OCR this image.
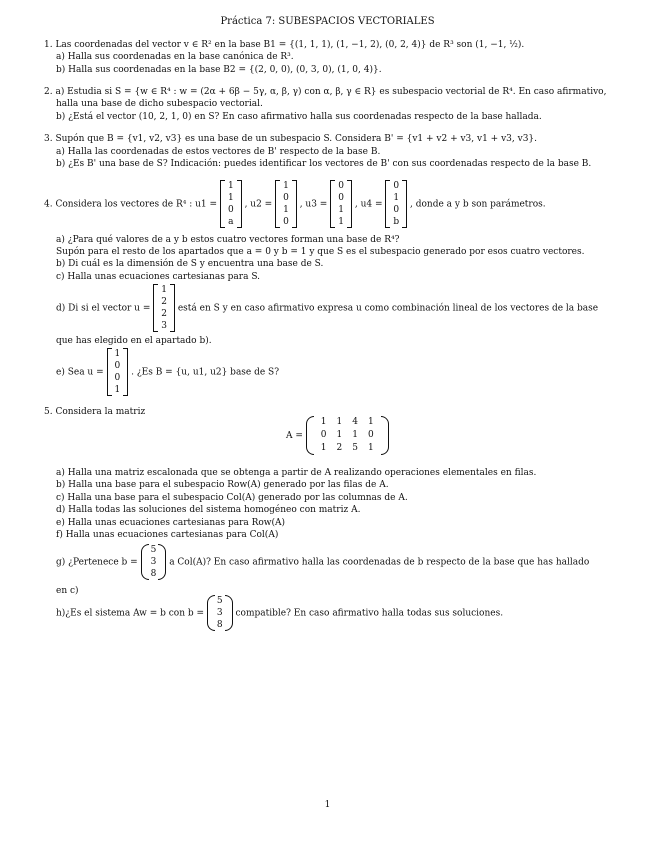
Práctica 7: SUBESPACIOS VECTORIALES
1. Las coordenadas del vector v ∈ R² en la base B1 = {(1, 1, 1), (1, −1, 2), (0, 2, 4)} de R³ son (1, −1, ½).
a) Halla sus coordenadas en la base canónica de R³.
b) Halla sus coordenadas en la base B2 = {(2, 0, 0), (0, 3, 0), (1, 0, 4)}.
2. a) Estudia si S = {w ∈ R⁴ : w = (2α + 6β − 5γ, α, β, γ) con α, β, γ ∈ R} es subespacio vectorial de R⁴. En caso afirmativo,
halla una base de dicho subespacio vectorial.
b) ¿Está el vector (10, 2, 1, 0) en S? En caso afirmativo halla sus coordenadas respecto de la base hallada.
3. Supón que B = {v1, v2, v3} es una base de un subespacio S. Considera B' = {v1 + v2 + v3, v1 + v3, v3}.
a) Halla las coordenadas de estos vectores de B' respecto de la base B.
b) ¿Es B' una base de S? Indicación: puedes identificar los vectores de B' con sus coordenadas respecto de la base B.
4. Considera los vectores de R⁴ : u1 =
1
1
0
a
, u2 =
1
0
1
0
, u3 =
0
0
1
1
, u4 =
0
1
0
b
, donde a y b son parámetros.
a) ¿Para qué valores de a y b estos cuatro vectores forman una base de R⁴?
Supón para el resto de los apartados que a = 0 y b = 1 y que S es el subespacio generado por esos cuatro vectores.
b) Di cuál es la dimensión de S y encuentra una base de S.
c) Halla unas ecuaciones cartesianas para S.
d) Di si el vector u =
1
2
2
3
está en S y en caso afirmativo expresa u como combinación lineal de los vectores de la base
que has elegido en el apartado b).
e) Sea u =
1
0
0
1
. ¿Es B = {u, u1, u2} base de S?
5. Considera la matriz
A =
1	1	4	1
0	1	1	0
1	2	5	1
a) Halla una matriz escalonada que se obtenga a partir de A realizando operaciones elementales en filas.
b) Halla una base para el subespacio Row(A) generado por las filas de A.
c) Halla una base para el subespacio Col(A) generado por las columnas de A.
d) Halla todas las soluciones del sistema homogéneo con matriz A.
e) Halla unas ecuaciones cartesianas para Row(A)
f) Halla unas ecuaciones cartesianas para Col(A)
g) ¿Pertenece b =
5
3
8
a Col(A)? En caso afirmativo halla las coordenadas de b respecto de la base que has hallado
en c)
h)¿Es el sistema Aw = b con b =
5
3
8
compatible? En caso afirmativo halla todas sus soluciones.
1
